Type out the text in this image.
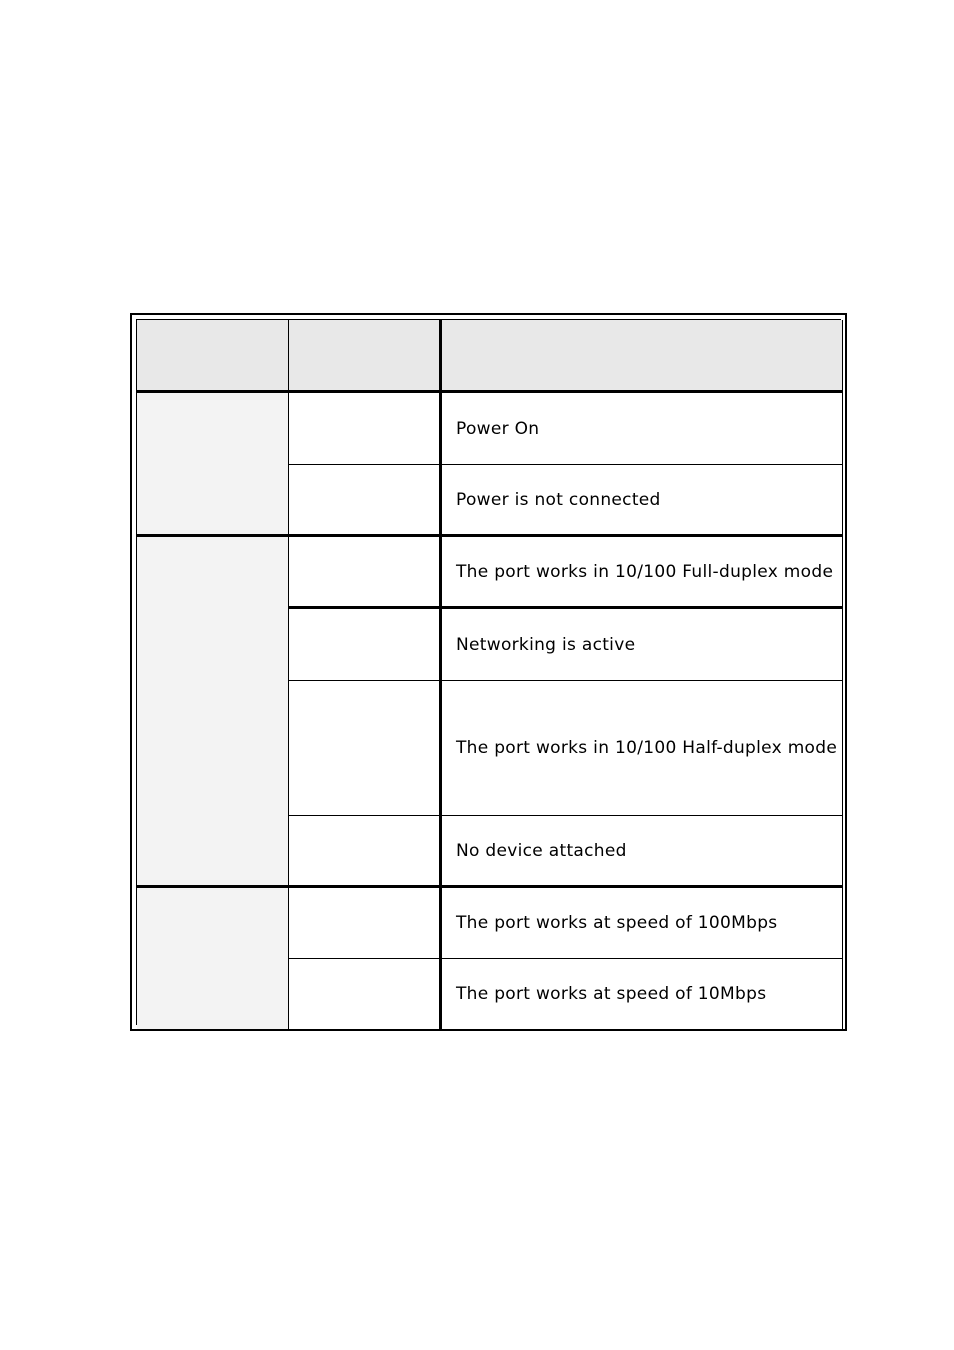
Power On
Power is not connected
The port works in 10/100 Full-duplex mode
Networking is active
The port works in 10/100 Half-duplex mode
No device attached
The port works at speed of 100Mbps
The port works at speed of 10Mbps
